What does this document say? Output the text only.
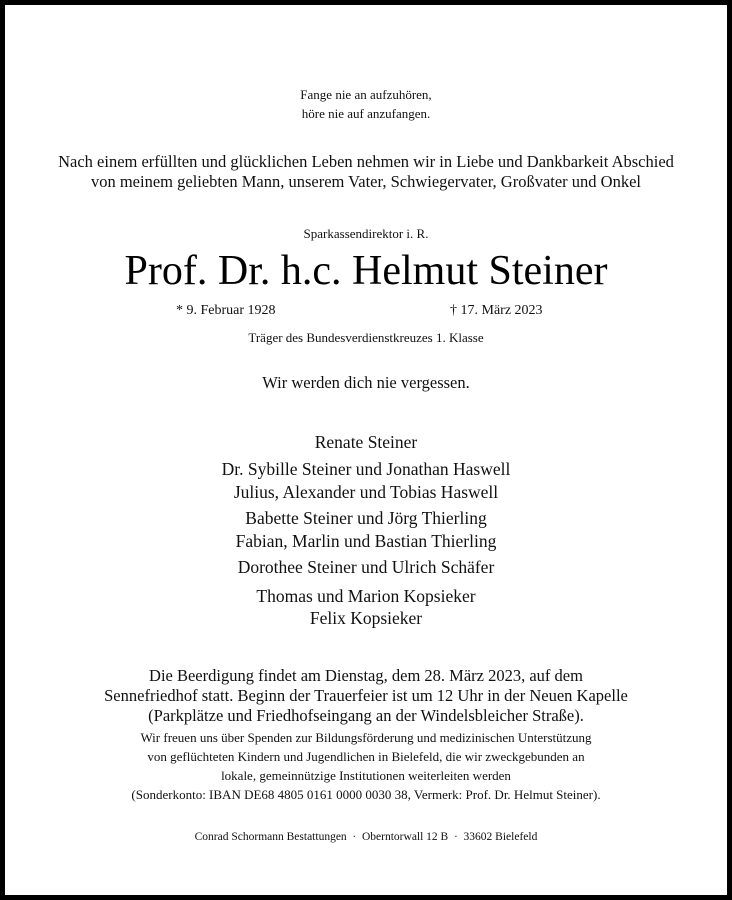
Fange nie an aufzuhören,
höre nie auf anzufangen.
Nach einem erfüllten und glücklichen Leben nehmen wir in Liebe und Dankbarkeit Abschied
von meinem geliebten Mann, unserem Vater, Schwiegervater, Großvater und Onkel
Sparkassendirektor i. R.
Prof. Dr. h.c. Helmut Steiner
* 9. Februar 1928	† 17. März 2023
Träger des Bundesverdienstkreuzes 1. Klasse
Wir werden dich nie vergessen.
Renate Steiner
Dr. Sybille Steiner und Jonathan Haswell
Julius, Alexander und Tobias Haswell
Babette Steiner und Jörg Thierling
Fabian, Marlin und Bastian Thierling
Dorothee Steiner und Ulrich Schäfer
Thomas und Marion Kopsieker
Felix Kopsieker
Die Beerdigung findet am Dienstag, dem 28. März 2023, auf dem
Sennefriedhof statt. Beginn der Trauerfeier ist um 12 Uhr in der Neuen Kapelle
(Parkplätze und Friedhofseingang an der Windelsbleicher Straße).
Wir freuen uns über Spenden zur Bildungsförderung und medizinischen Unterstützung
von geflüchteten Kindern und Jugendlichen in Bielefeld, die wir zweckgebunden an
lokale, gemeinnützige Institutionen weiterleiten werden
(Sonderkonto: IBAN DE68 4805 0161 0000 0030 38, Vermerk: Prof. Dr. Helmut Steiner).
Conrad Schormann Bestattungen  ·  Oberntorwall 12 B  ·  33602 Bielefeld
